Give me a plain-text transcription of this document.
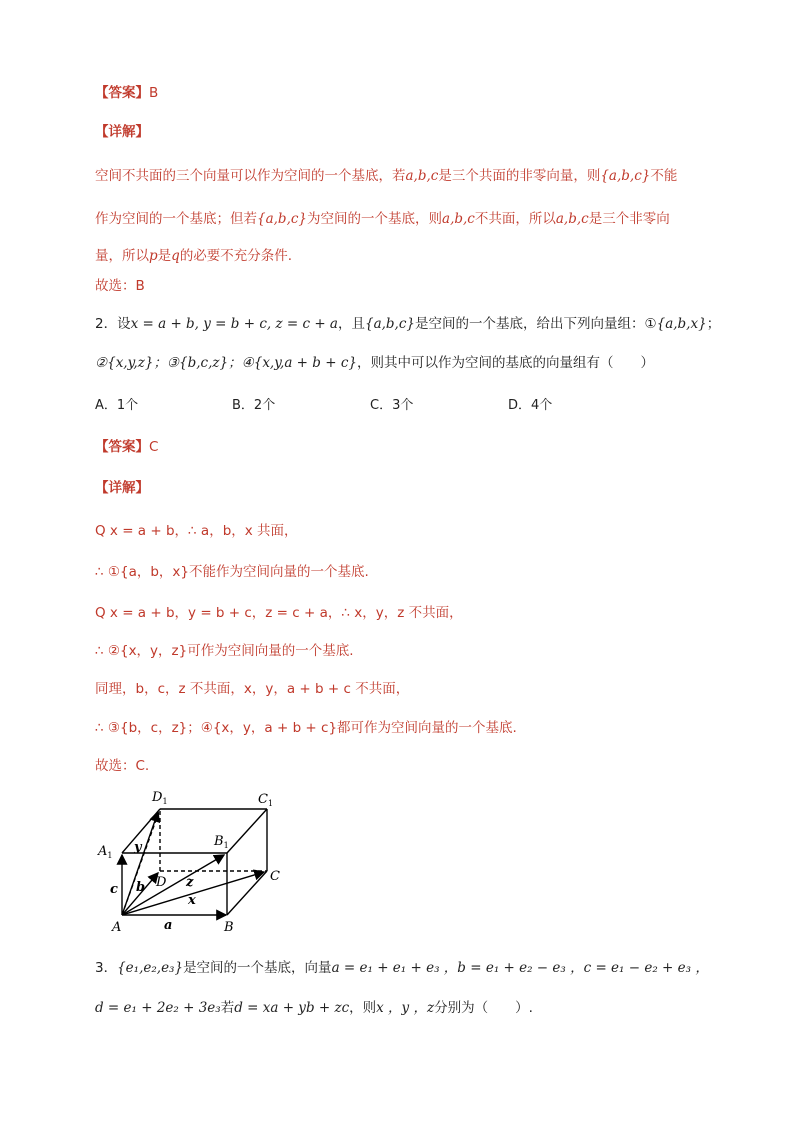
【答案】B
【详解】
空间不共面的三个向量可以作为空间的一个基底，若a,b,c是三个共面的非零向量，则{a,b,c}不能
作为空间的一个基底；但若{a,b,c}为空间的一个基底，则a,b,c不共面，所以a,b,c是三个非零向
量，所以p是q的必要不充分条件.
故选：B
2．设x = a + b, y = b + c, z = c + a，且{a,b,c}是空间的一个基底，给出下列向量组：①{a,b,x}；
②{x,y,z}；③{b,c,z}；④{x,y,a + b + c}，则其中可以作为空间的基底的向量组有（　　）
A．1个	B．2个	C．3个	D．4个
【答案】C
【详解】
Q x = a + b，∴ a，b，x 共面，
∴ ①{a，b，x}不能作为空间向量的一个基底.
Q x = a + b，y = b + c，z = c + a，∴ x，y，z 不共面，
∴ ②{x，y，z}可作为空间向量的一个基底.
同理，b，c，z 不共面，x，y，a + b + c 不共面，
∴ ③{b，c，z}；④{x，y，a + b + c}都可作为空间向量的一个基底.
故选：C.
$D_1$	$C_1$
$A_1$
$B_1$
A	B
C
D
a
b
c
x
y
z
3．{e₁,e₂,e₃}是空间的一个基底，向量a = e₁ + e₁ + e₃ ，b = e₁ + e₂ − e₃ ，c = e₁ − e₂ + e₃ ，
d = e₁ + 2e₂ + 3e₃若d = xa + yb + zc，则x ，y ，z分别为（　　）.
